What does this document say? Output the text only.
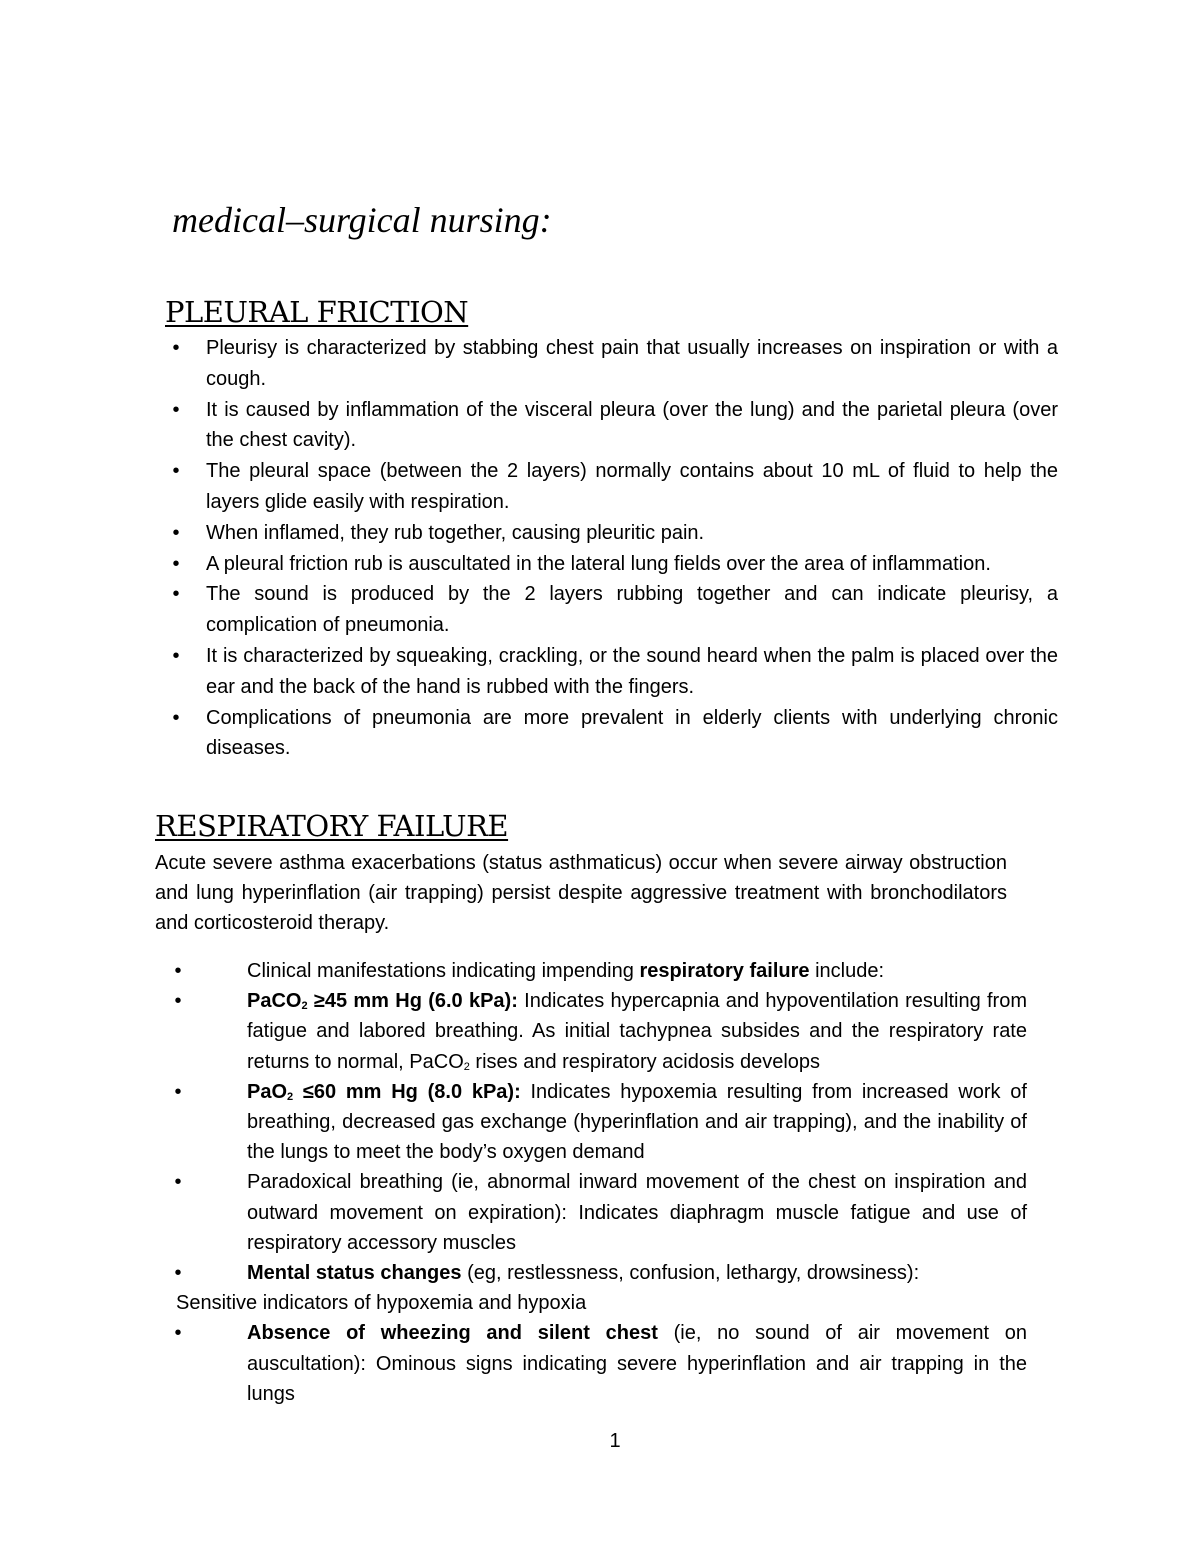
medical–surgical nursing:
PLEURAL FRICTION
• Pleurisy is characterized by stabbing chest pain that usually increases on inspiration or with a cough.
• It is caused by inflammation of the visceral pleura (over the lung) and the parietal pleura (over the chest cavity).
• The pleural space (between the 2 layers) normally contains about 10 mL of fluid to help the layers glide easily with respiration.
• When inflamed, they rub together, causing pleuritic pain.
• A pleural friction rub is auscultated in the lateral lung fields over the area of inflammation.
• The sound is produced by the 2 layers rubbing together and can indicate pleurisy, a complication of pneumonia.
• It is characterized by squeaking, crackling, or the sound heard when the palm is placed over the ear and the back of the hand is rubbed with the fingers.
• Complications of pneumonia are more prevalent in elderly clients with underlying chronic diseases.
RESPIRATORY FAILURE

Acute severe asthma exacerbations (status asthmaticus) occur when severe airway obstruction and lung hyperinflation (air trapping) persist despite aggressive treatment with bronchodilators and corticosteroid therapy.

•	Clinical manifestations indicating impending respiratory failure include:
•	PaCO$_2$ ≥45 mm Hg (6.0 kPa): Indicates hypercapnia and hypoventilation resulting from fatigue and labored breathing. As initial tachypnea subsides and the respiratory rate returns to normal, PaCO$_2$ rises and respiratory acidosis develops
•	PaO$_2$ ≤60 mm Hg (8.0 kPa): Indicates hypoxemia resulting from increased work of breathing, decreased gas exchange (hyperinflation and air trapping), and the inability of the lungs to meet the body’s oxygen demand
•	Paradoxical breathing (ie, abnormal inward movement of the chest on inspiration and outward movement on expiration): Indicates diaphragm muscle fatigue and use of respiratory accessory muscles
•	Mental status changes (eg, restlessness, confusion, lethargy, drowsiness):
Sensitive indicators of hypoxemia and hypoxia
•	Absence of wheezing and silent chest (ie, no sound of air movement on auscultation): Ominous signs indicating severe hyperinflation and air trapping in the lungs
1
